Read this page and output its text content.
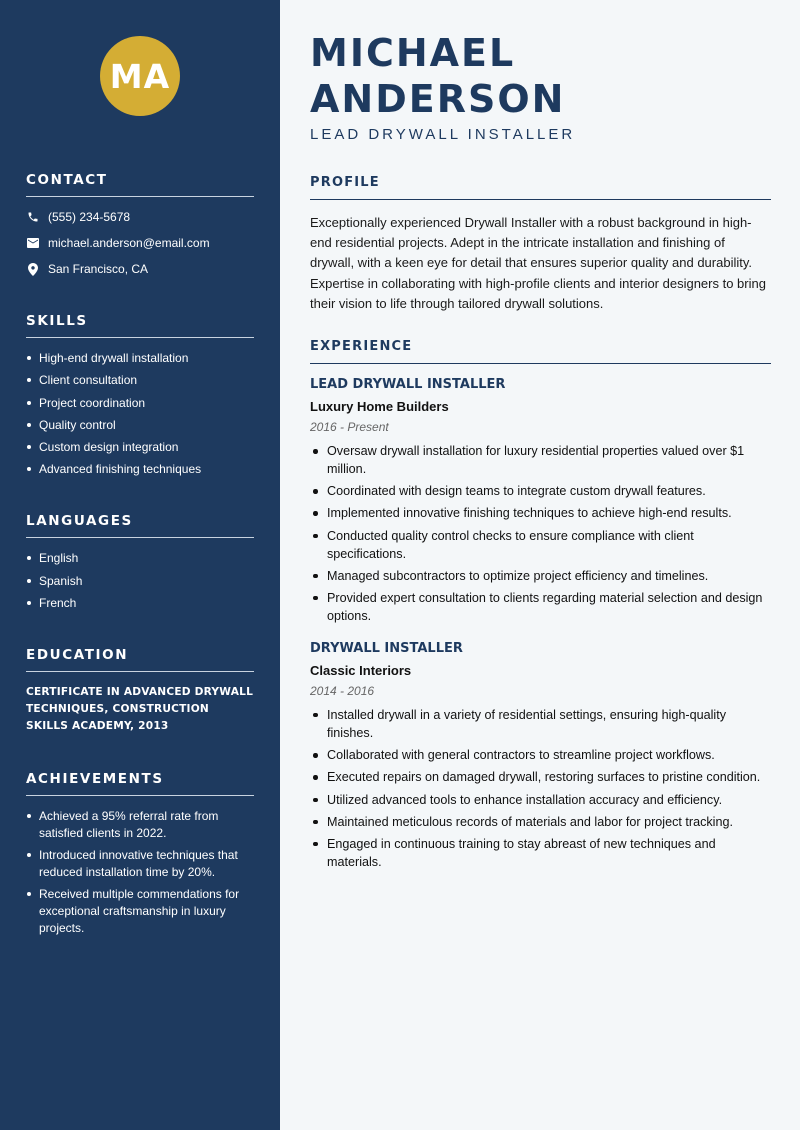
MA
CONTACT
(555) 234-5678
michael.anderson@email.com
San Francisco, CA
SKILLS
High-end drywall installation
Client consultation
Project coordination
Quality control
Custom design integration
Advanced finishing techniques
LANGUAGES
English
Spanish
French
EDUCATION

CERTIFICATE IN ADVANCED DRYWALL TECHNIQUES, CONSTRUCTION SKILLS ACADEMY, 2013

ACHIEVEMENTS
Achieved a 95% referral rate from satisfied clients in 2022.
Introduced innovative techniques that reduced installation time by 20%.
Received multiple commendations for exceptional craftsmanship in luxury projects.
MICHAEL ANDERSON
LEAD DRYWALL INSTALLER
PROFILE

Exceptionally experienced Drywall Installer with a robust background in high-end residential projects. Adept in the intricate installation and finishing of drywall, with a keen eye for detail that ensures superior quality and durability. Expertise in collaborating with high-profile clients and interior designers to bring their vision to life through tailored drywall solutions.

EXPERIENCE
LEAD DRYWALL INSTALLER
Luxury Home Builders
2016 - Present
Oversaw drywall installation for luxury residential properties valued over $1 million.
Coordinated with design teams to integrate custom drywall features.
Implemented innovative finishing techniques to achieve high-end results.
Conducted quality control checks to ensure compliance with client specifications.
Managed subcontractors to optimize project efficiency and timelines.
Provided expert consultation to clients regarding material selection and design options.
DRYWALL INSTALLER
Classic Interiors
2014 - 2016
Installed drywall in a variety of residential settings, ensuring high-quality finishes.
Collaborated with general contractors to streamline project workflows.
Executed repairs on damaged drywall, restoring surfaces to pristine condition.
Utilized advanced tools to enhance installation accuracy and efficiency.
Maintained meticulous records of materials and labor for project tracking.
Engaged in continuous training to stay abreast of new techniques and materials.
